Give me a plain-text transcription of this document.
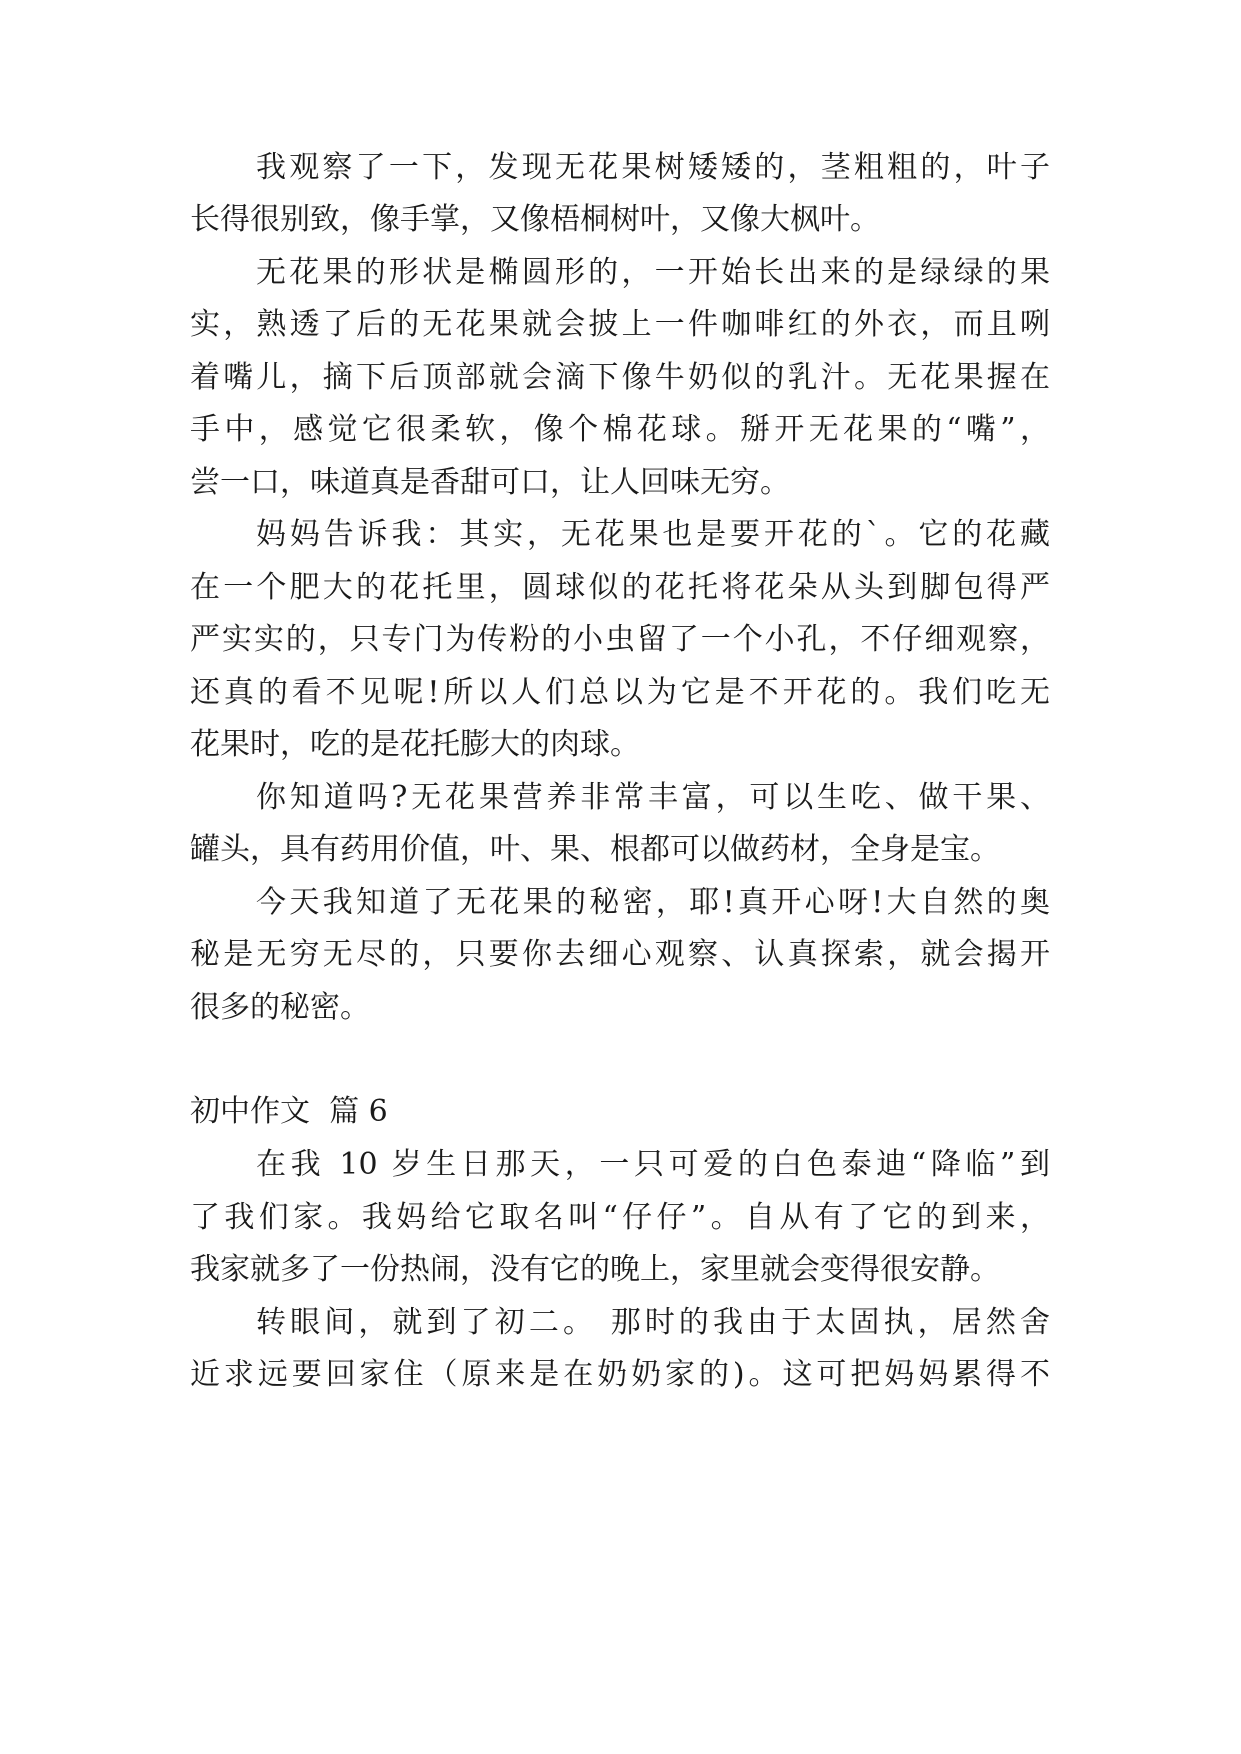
我观察了一下，发现无花果树矮矮的，茎粗粗的，叶子
长得很别致，像手掌，又像梧桐树叶，又像大枫叶。
无花果的形状是椭圆形的，一开始长出来的是绿绿的果
实，熟透了后的无花果就会披上一件咖啡红的外衣，而且咧
着嘴儿，摘下后顶部就会滴下像牛奶似的乳汁。无花果握在
手中，感觉它很柔软，像个棉花球。掰开无花果的“嘴”，
尝一口，味道真是香甜可口，让人回味无穷。
妈妈告诉我：其实，无花果也是要开花的`。它的花藏
在一个肥大的花托里，圆球似的花托将花朵从头到脚包得严
严实实的，只专门为传粉的小虫留了一个小孔，不仔细观察，
还真的看不见呢!所以人们总以为它是不开花的。我们吃无
花果时，吃的是花托膨大的肉球。
你知道吗?无花果营养非常丰富，可以生吃、做干果、
罐头，具有药用价值，叶、果、根都可以做药材，全身是宝。
今天我知道了无花果的秘密，耶!真开心呀!大自然的奥
秘是无穷无尽的，只要你去细心观察、认真探索，就会揭开
很多的秘密。
初中作文  篇 6
在我 10 岁生日那天，一只可爱的白色泰迪“降临”到
了我们家。我妈给它取名叫“仔仔”。自从有了它的到来，
我家就多了一份热闹，没有它的晚上，家里就会变得很安静。
转眼间，就到了初二。 那时的我由于太固执，居然舍
近求远要回家住（原来是在奶奶家的)。这可把妈妈累得不
